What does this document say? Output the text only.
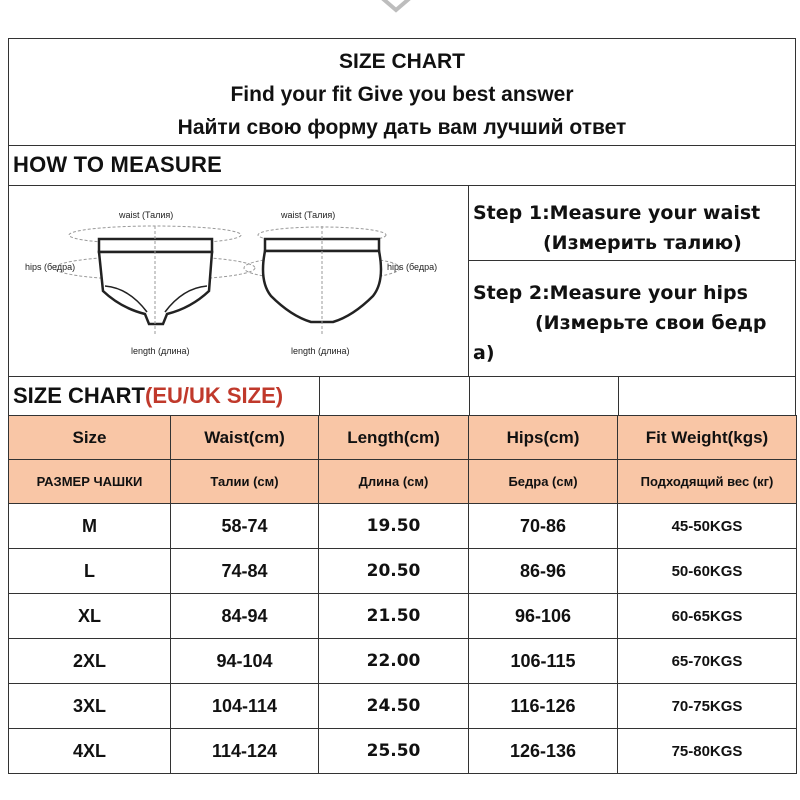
SIZE CHART
Find your fit Give you best answer
Найти свою форму дать вам лучший ответ
HOW TO MEASURE
waist (Талия)
hips (бедра)
length (длина)
waist (Талия)
hips (бедра)
length (длина)
Step 1:Measure your waist
(Измерить талию)
Step 2:Measure your hips
(Измерьте свои бедр
а)
SIZE CHART(EU/UK SIZE)
Size	Waist(cm)	Length(cm)	Hips(cm)	Fit Weight(kgs)
РАЗМЕР ЧАШКИ	Талии (см)	Длина (см)	Бедра (см)	Подходящий вес (кг)
M	58-74	19.50	70-86	45-50KGS
L	74-84	20.50	86-96	50-60KGS
XL	84-94	21.50	96-106	60-65KGS
2XL	94-104	22.00	106-115	65-70KGS
3XL	104-114	24.50	116-126	70-75KGS
4XL	114-124	25.50	126-136	75-80KGS
